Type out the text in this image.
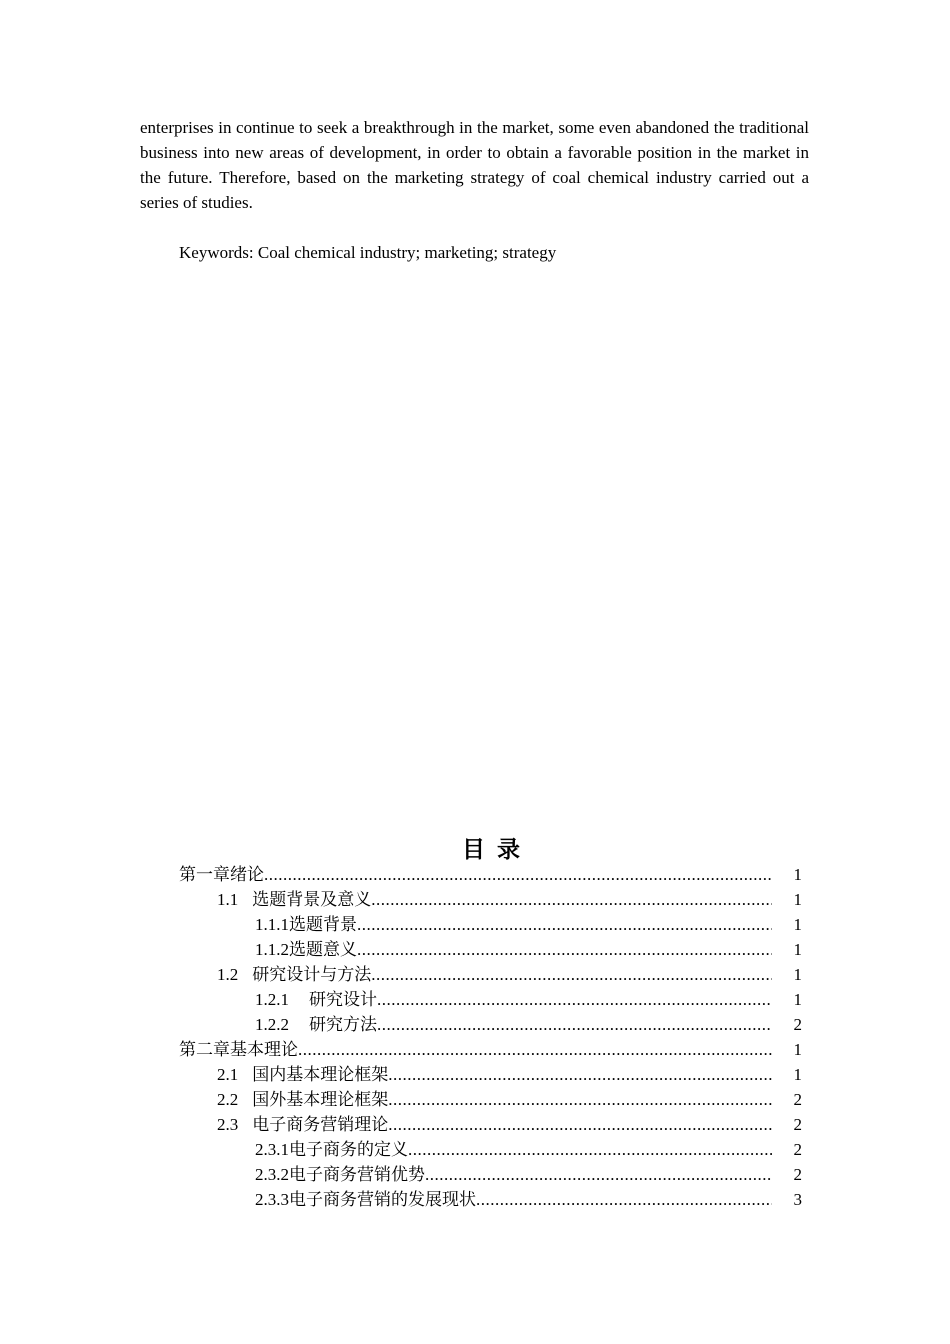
enterprises in continue to seek a breakthrough in the market, some even abandoned the traditional business into new areas of development, in order to obtain a favorable position in the market in the future. Therefore, based on the marketing strategy of coal chemical industry carried out a series of studies.

Keywords: Coal chemical industry; marketing; strategy

目录
第一章绪论 .....	1
1.1 选题背景及意义 .....	1
1.1.1选题背景 .....	1
1.1.2选题意义 .....	1
1.2 研究设计与方法 .....	1
1.2.1 研究设计 .....	1
1.2.2 研究方法 .....	2
第二章基本理论 .....	1
2.1 国内基本理论框架 .....	1
2.2 国外基本理论框架 .....	2
2.3 电子商务营销理论 .....	2
2.3.1电子商务的定义 .....	2
2.3.2电子商务营销优势 .....	2
2.3.3电子商务营销的发展现状 .....	3
